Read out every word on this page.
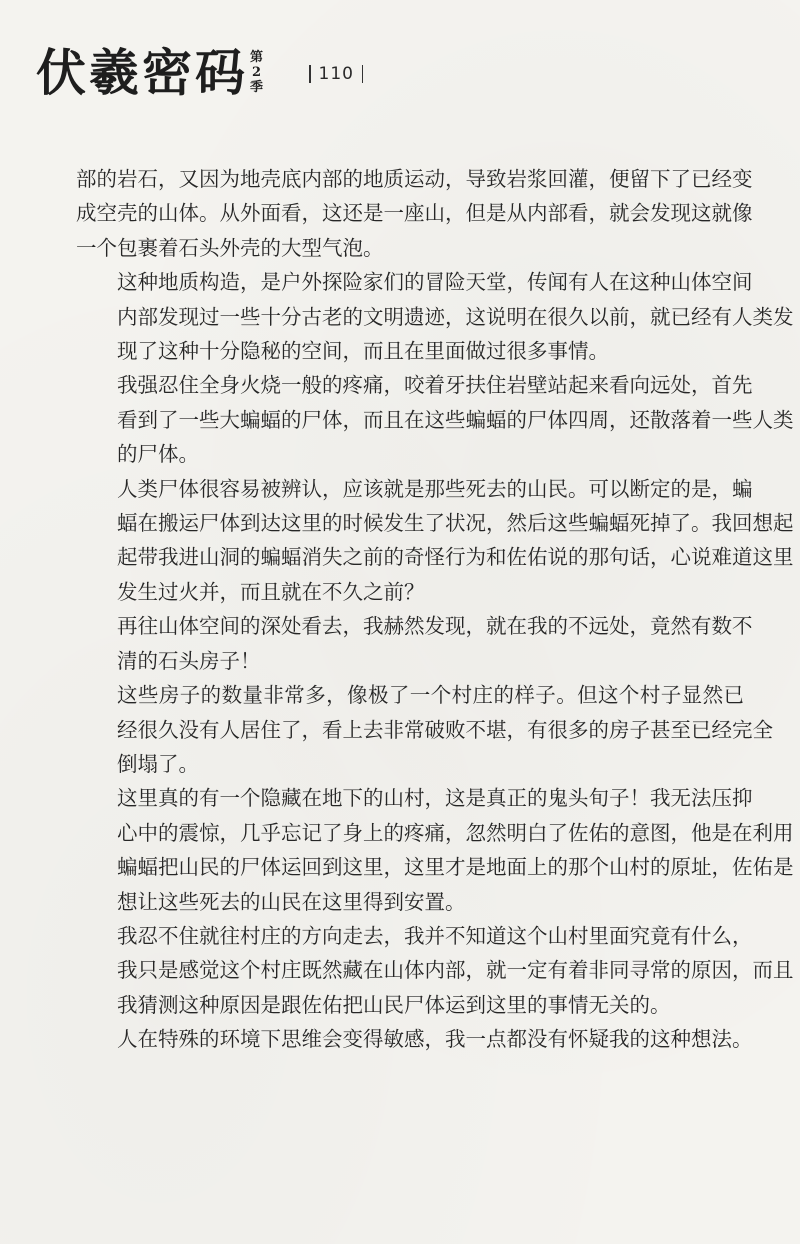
伏羲密码 第
2
季
110

部的岩石，又因为地壳底内部的地质运动，导致岩浆回灌，便留下了已经变
成空壳的山体。从外面看，这还是一座山，但是从内部看，就会发现这就像
一个包裹着石头外壳的大型气泡。

这种地质构造，是户外探险家们的冒险天堂，传闻有人在这种山体空间
内部发现过一些十分古老的文明遗迹，这说明在很久以前，就已经有人类发
现了这种十分隐秘的空间，而且在里面做过很多事情。

我强忍住全身火烧一般的疼痛，咬着牙扶住岩壁站起来看向远处，首先
看到了一些大蝙蝠的尸体，而且在这些蝙蝠的尸体四周，还散落着一些人类
的尸体。

人类尸体很容易被辨认，应该就是那些死去的山民。可以断定的是，蝙
蝠在搬运尸体到达这里的时候发生了状况，然后这些蝙蝠死掉了。我回想起
起带我进山洞的蝙蝠消失之前的奇怪行为和佐佑说的那句话，心说难道这里
发生过火并，而且就在不久之前？

再往山体空间的深处看去，我赫然发现，就在我的不远处，竟然有数不
清的石头房子！

这些房子的数量非常多，像极了一个村庄的样子。但这个村子显然已
经很久没有人居住了，看上去非常破败不堪，有很多的房子甚至已经完全
倒塌了。

这里真的有一个隐藏在地下的山村，这是真正的鬼头旬子！我无法压抑
心中的震惊，几乎忘记了身上的疼痛，忽然明白了佐佑的意图，他是在利用
蝙蝠把山民的尸体运回到这里，这里才是地面上的那个山村的原址，佐佑是
想让这些死去的山民在这里得到安置。

我忍不住就往村庄的方向走去，我并不知道这个山村里面究竟有什么，
我只是感觉这个村庄既然藏在山体内部，就一定有着非同寻常的原因，而且
我猜测这种原因是跟佐佑把山民尸体运到这里的事情无关的。

人在特殊的环境下思维会变得敏感，我一点都没有怀疑我的这种想法。
